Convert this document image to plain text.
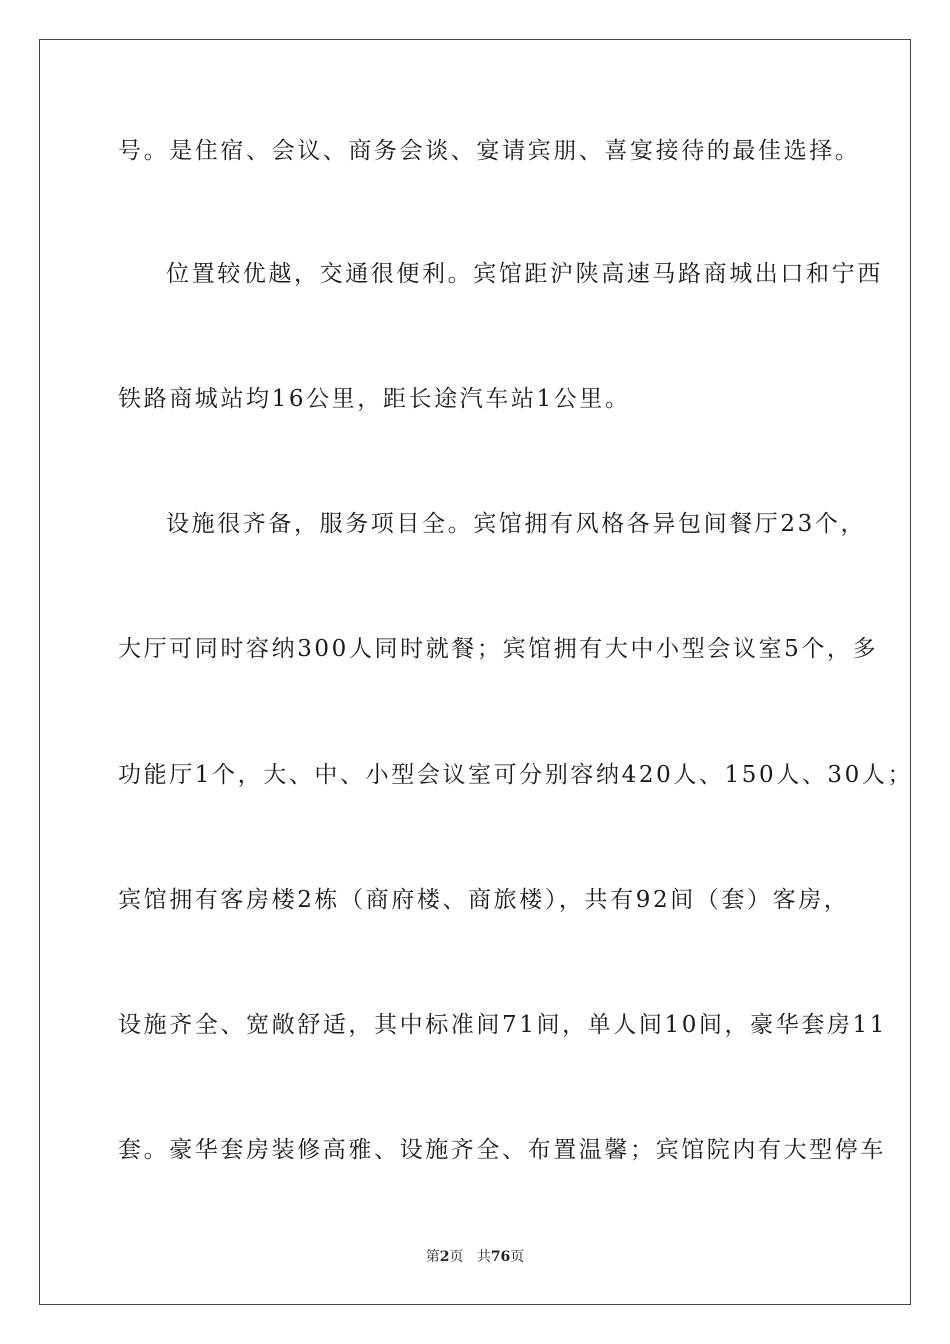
号。是住宿、会议、商务会谈、宴请宾朋、喜宴接待的最佳选择。
位置较优越，交通很便利。宾馆距沪陕高速马路商城出口和宁西
铁路商城站均16公里，距长途汽车站1公里。
设施很齐备，服务项目全。宾馆拥有风格各异包间餐厅23个，
大厅可同时容纳300人同时就餐；宾馆拥有大中小型会议室5个，多
功能厅1个，大、中、小型会议室可分别容纳420人、150人、30人；
宾馆拥有客房楼2栋（商府楼、商旅楼），共有92间（套）客房，
设施齐全、宽敞舒适，其中标准间71间，单人间10间，豪华套房11
套。豪华套房装修高雅、设施齐全、布置温馨；宾馆院内有大型停车
第2页 共76页
